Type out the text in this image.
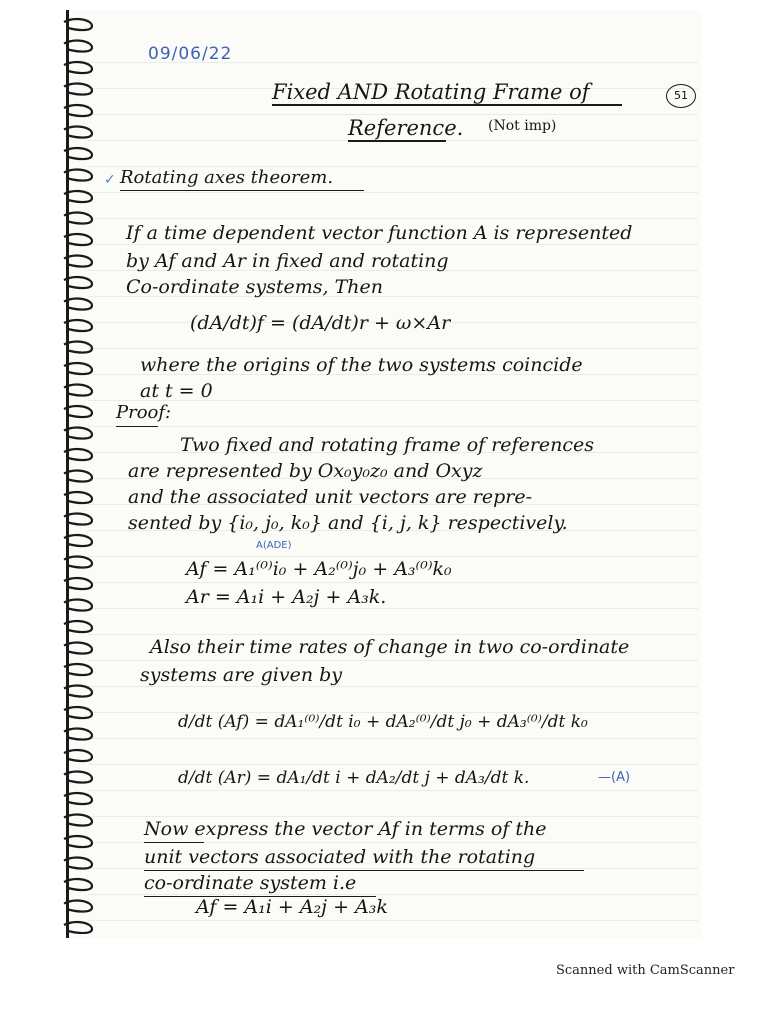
09/06/22
Fixed AND Rotating Frame of
Reference. (Not imp)
51
✓ Rotating axes theorem.
If a time dependent vector function A is represented
by Af and Ar in fixed and rotating
Co-ordinate systems, Then
(dA/dt)f = (dA/dt)r + ω×Ar
where the origins of the two systems coincide
at t = 0
Proof:
Two fixed and rotating frame of references
are represented by Ox₀y₀z₀ and Oxyz
and the associated unit vectors are repre-
sented by {i₀, j₀, k₀} and {i, j, k} respectively.
A(ADE)
Af = A₁⁽⁰⁾i₀ + A₂⁽⁰⁾j₀ + A₃⁽⁰⁾k₀
Ar = A₁i + A₂j + A₃k.
Also their time rates of change in two co-ordinate
systems are given by
d/dt (Af) = dA₁⁽⁰⁾/dt i₀ + dA₂⁽⁰⁾/dt j₀ + dA₃⁽⁰⁾/dt k₀
d/dt (Ar) = dA₁/dt i + dA₂/dt j + dA₃/dt k.	—(A)
Now express the vector Af in terms of the
unit vectors associated with the rotating
co-ordinate system i.e
Af = A₁i + A₂j + A₃k
Scanned with CamScanner
